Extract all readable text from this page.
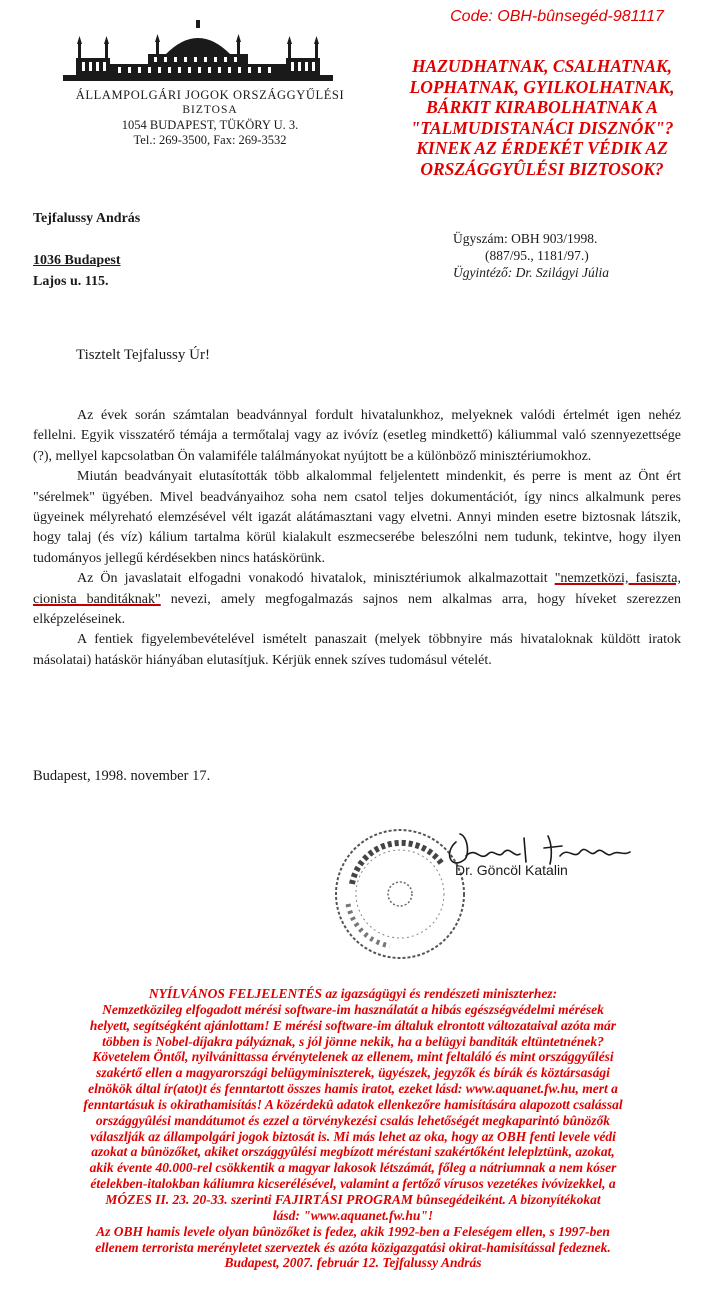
ÁLLAMPOLGÁRI JOGOK ORSZÁGGYŰLÉSI
BIZTOSA
1054 BUDAPEST, TÜKÖRY U. 3.
Tel.: 269-3500, Fax: 269-3532
Code: OBH-bûnsegéd-981117
HAZUDHATNAK, CSALHATNAK,
LOPHATNAK, GYILKOLHATNAK,
BÁRKIT KIRABOLHATNAK A
"TALMUDISTANÁCI DISZNÓK"?
KINEK AZ ÉRDEKÉT VÉDIK AZ
ORSZÁGGYÛLÉSI BIZTOSOK?
Tejfalussy András
1036 Budapest
Lajos u. 115.
Ügyszám: OBH 903/1998.
(887/95., 1181/97.)
Ügyintéző: Dr. Szilágyi Júlia
Tisztelt Tejfalussy Úr!

Az évek során számtalan beadvánnyal fordult hivatalunkhoz, melyeknek valódi értelmét igen nehéz fellelni. Egyik visszatérő témája a termőtalaj vagy az ivóvíz (esetleg mindkettő) káliummal való szennyezettsége (?), mellyel kapcsolatban Ön valamiféle találmányokat nyújtott be a különböző minisztériumokhoz.

Miután beadványait elutasították több alkalommal feljelentett mindenkit, és perre is ment az Önt ért "sérelmek" ügyében. Mivel beadványaihoz soha nem csatol teljes dokumentációt, így nincs alkalmunk peres ügyeinek mélyreható elemzésével vélt igazát alátámasztani vagy elvetni. Annyi minden esetre biztosnak látszik, hogy talaj (és víz) kálium tartalma körül kialakult eszmecserébe beleszólni nem tudunk, tekintve, hogy ilyen tudományos jellegű kérdésekben nincs hatáskörünk.

Az Ön javaslatait elfogadni vonakodó hivatalok, minisztériumok alkalmazottait "nemzetközi, fasiszta, cionista banditáknak" nevezi, amely megfogalmazás sajnos nem alkalmas arra, hogy híveket szerezzen elképzeléseinek.

A fentiek figyelembevételével ismételt panaszait (melyek többnyire más hivataloknak küldött iratok másolatai) hatáskör hiányában elutasítjuk. Kérjük ennek szíves tudomásul vételét.

Budapest, 1998. november 17.
Dr. Göncöl Katalin
NYÍLVÁNOS FELJELENTÉS az igazságügyi és rendészeti miniszterhez:
Nemzetközileg elfogadott mérési software-im használatát a hibás egészségvédelmi mérések
helyett, segítségként ajánlottam! E mérési software-im általuk elrontott változataival azóta már
többen is Nobel-díjakra pályáznak, s jól jönne nekik, ha a belügyi banditák eltüntetnének?
Követelem Öntől, nyilvánittassa érvénytelenek az ellenem, mint feltaláló és mint országgyűlési
szakértő ellen a magyarországi belügyminiszterek, ügyészek, jegyzők és bírák és köztársasági
elnökök által ír(atot)t és fenntartott összes hamis iratot, ezeket lásd: www.aquanet.fw.hu, mert a
fenntartásuk is okirathamisítás! A közérdekû adatok ellenkezőre hamisítására alapozott csalással
országgyûlési mandátumot és ezzel a törvénykezési csalás lehetőségét megkaparintó bûnözők
válaszlják az állampolgári jogok biztosát is. Mi más lehet az oka, hogy az OBH fenti levele védi
azokat a bûnözőket, akiket országgyûlési megbízott méréstani szakértőként leleplztünk, azokat,
akik évente 40.000-rel csökkentik a magyar lakosok létszámát, főleg a nátriumnak a nem kóser
ételekben-italokban káliumra kicserélésével, valamint a fertőző vírusos vezetékes ivóvizekkel, a
MÓZES II. 23. 20-33. szerinti FAJIRTÁSI PROGRAM bûnsegédeiként. A bizonyítékokat
lásd: "www.aquanet.fw.hu"!
Az OBH hamis levele olyan bûnözőket is fedez, akik 1992-ben a Feleségem ellen, s 1997-ben
ellenem terrorista merényletet szerveztek és azóta közigazgatási okirat-hamisítással fedeznek.
Budapest, 2007. február 12. Tejfalussy András
